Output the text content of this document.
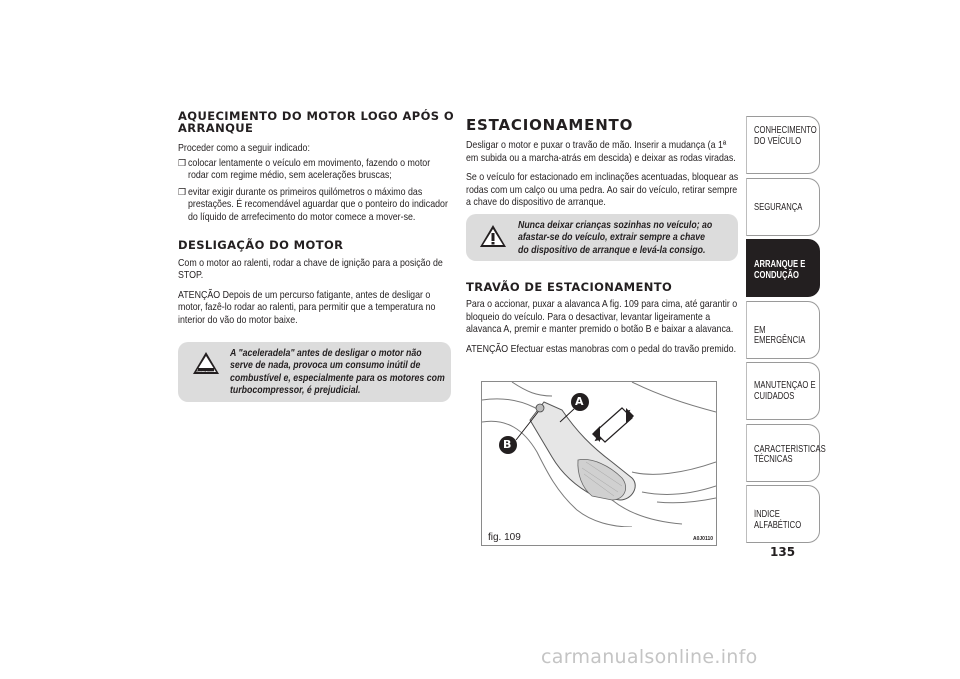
AQUECIMENTO DO MOTOR LOGO APÓS O ARRANQUE

Proceder como a seguir indicado:

❒ colocar lentamente o veículo em movimento, fazendo o motor rodar com regime médio, sem acelerações bruscas;

❒ evitar exigir durante os primeiros quilómetros o máximo das prestações. É recomendável aguardar que o ponteiro do indicador do líquido de arrefecimento do motor comece a mover-se.

DESLIGAÇÃO DO MOTOR

Com o motor ao ralenti, rodar a chave de ignição para a posição de STOP.

ATENÇÃO Depois de um percurso fatigante, antes de desligar o motor, fazê-lo rodar ao ralenti, para permitir que a temperatura no interior do vão do motor baixe.

attenzione
A "aceleradela" antes de desligar o motor não serve de nada, provoca um consumo inútil de combustível e, especialmente para os motores com turbocompressor, é prejudicial.
ESTACIONAMENTO

Desligar o motor e puxar o travão de mão. Inserir a mudança (a 1ª em subida ou a marcha-atrás em descida) e deixar as rodas viradas.

Se o veículo for estacionado em inclinações acentuadas, bloquear as rodas com um calço ou uma pedra. Ao sair do veículo, retirar sempre a chave do dispositivo de arranque.

Nunca deixar crianças sozinhas no veículo; ao afastar-se do veículo, extrair sempre a chave do dispositivo de arranque e levá-la consigo.
TRAVÃO DE ESTACIONAMENTO

Para o accionar, puxar a alavanca A fig. 109 para cima, até garantir o bloqueio do veículo. Para o desactivar, levantar ligeiramente a alavanca A, premir e manter premido o botão B e baixar a alavanca.

ATENÇÃO Efectuar estas manobras com o pedal do travão premido.

A
B
fig. 109	A0J0110
CONHECIMENTO DO VEÍCULO
SEGURANÇA
ARRANQUE E CONDUÇÃO
EM EMERGÊNCIA
MANUTENÇÃO E CUIDADOS
CARACTERÍSTICAS TÉCNICAS
ÍNDICE ALFABÉTICO
135
carmanualsonline.info
